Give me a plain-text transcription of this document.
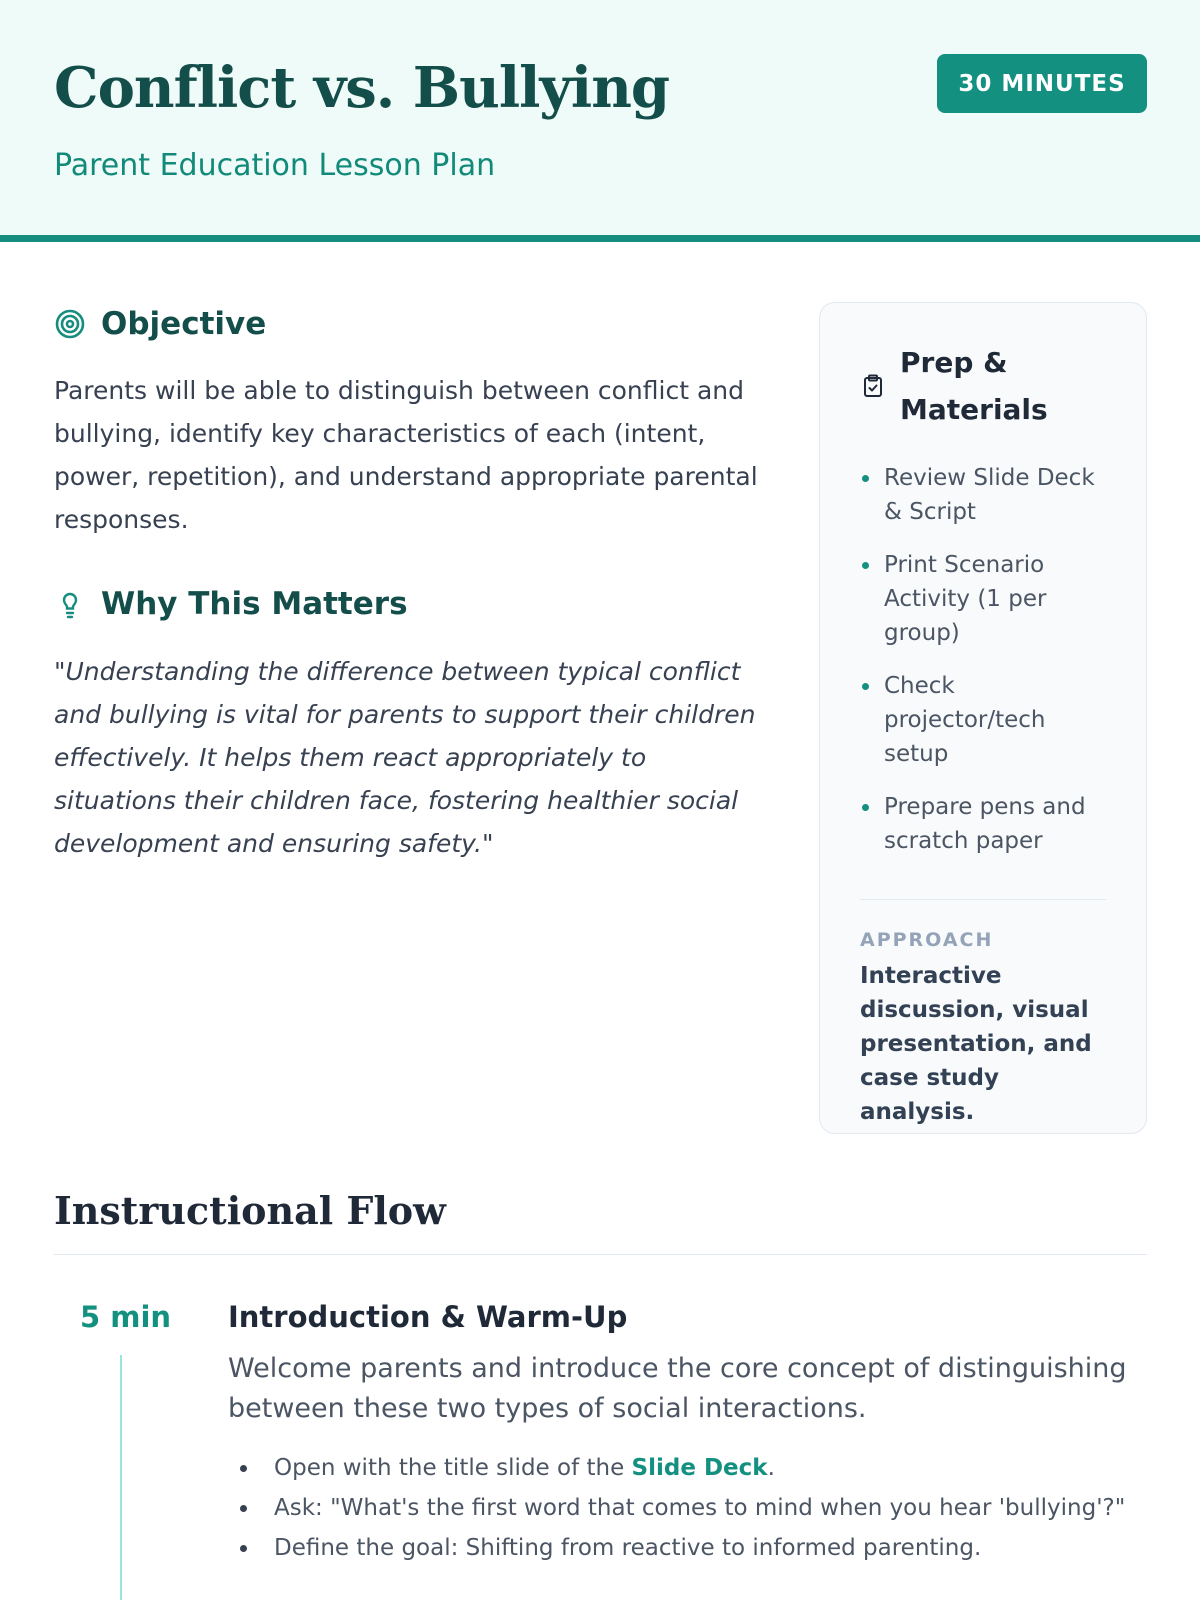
Conflict vs. Bullying
Parent Education Lesson Plan
30 MINUTES
Objective

Parents will be able to distinguish between conflict and bullying, identify key characteristics of each (intent, power, repetition), and understand appropriate parental responses.

Why This Matters

"Understanding the difference between typical conflict and bullying is vital for parents to support their children effectively. It helps them react appropriately to situations their children face, fostering healthier social development and ensuring safety."

Prep & Materials
Review Slide Deck & Script
Print Scenario Activity (1 per group)
Check projector/tech setup
Prepare pens and scratch paper
APPROACH
Interactive discussion, visual presentation, and case study analysis.
Instructional Flow
5 min Introduction & Warm-Up

Welcome parents and introduce the core concept of distinguishing between these two types of social interactions.

Open with the title slide of the Slide Deck.
Ask: "What's the first word that comes to mind when you hear 'bullying'?"
Define the goal: Shifting from reactive to informed parenting.
